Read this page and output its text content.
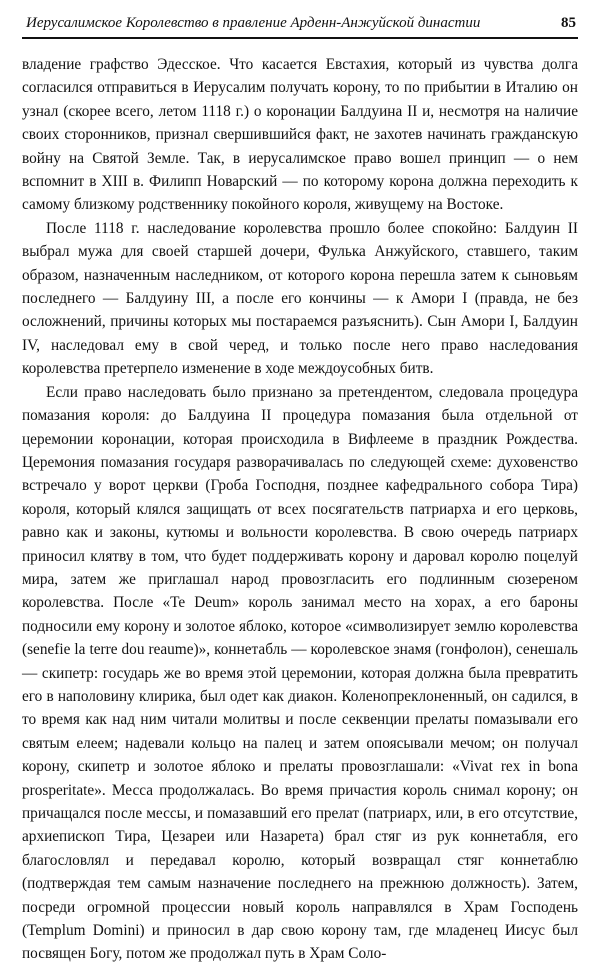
Иерусалимское Королевство в правление Арденн-Анжуйской династии	85

владение графство Эдесское. Что касается Евстахия, который из чувства долга согласился отправиться в Иерусалим получать корону, то по прибытии в Италию он узнал (скорее всего, летом 1118 г.) о коронации Балдуина II и, несмотря на наличие своих сторонников, признал свершившийся факт, не захотев начинать гражданскую войну на Святой Земле. Так, в иерусалимское право вошел принцип — о нем вспомнит в XIII в. Филипп Новарский — по которому корона должна переходить к самому близкому родственнику покойного короля, живущему на Востоке.

После 1118 г. наследование королевства прошло более спокойно: Балдуин II выбрал мужа для своей старшей дочери, Фулька Анжуйского, ставшего, таким образом, назначенным наследником, от которого корона перешла затем к сыновьям последнего — Балдуину III, а после его кончины — к Амори I (правда, не без осложнений, причины которых мы постараемся разъяснить). Сын Амори I, Балдуин IV, наследовал ему в свой черед, и только после него право наследования королевства претерпело изменение в ходе междоусобных битв.

Если право наследовать было признано за претендентом, следовала процедура помазания короля: до Балдуина II процедура помазания была отдельной от церемонии коронации, которая происходила в Вифлееме в праздник Рождества. Церемония помазания государя разворачивалась по следующей схеме: духовенство встречало у ворот церкви (Гроба Господня, позднее кафедрального собора Тира) короля, который клялся защищать от всех посягательств патриарха и его церковь, равно как и законы, кутюмы и вольности королевства. В свою очередь патриарх приносил клятву в том, что будет поддерживать корону и даровал королю поцелуй мира, затем же приглашал народ провозгласить его подлинным сюзереном королевства. После «Te Deum» король занимал место на хорах, а его бароны подносили ему корону и золотое яблоко, которое «символизирует землю королевства (senefie la terre dou reaume)», коннетабль — королевское знамя (гонфолон), сенешаль — скипетр: государь же во время этой церемонии, которая должна была превратить его в наполовину клирика, был одет как диакон. Коленопреклоненный, он садился, в то время как над ним читали молитвы и после секвенции прелаты помазывали его святым елеем; надевали кольцо на палец и затем опоясывали мечом; он получал корону, скипетр и золотое яблоко и прелаты провозглашали: «Vivat rex in bona prosperitate». Месса продолжалась. Во время причастия король снимал корону; он причащался после мессы, и помазавший его прелат (патриарх, или, в его отсутствие, архиепископ Тира, Цезареи или Назарета) брал стяг из рук коннетабля, его благословлял и передавал королю, который возвращал стяг коннетаблю (подтверждая тем самым назначение последнего на прежнюю должность). Затем, посреди огромной процессии новый король направлялся в Храм Господень (Templum Domini) и приносил в дар свою корону там, где младенец Иисус был посвящен Богу, потом же продолжал путь в Храм Соло-
